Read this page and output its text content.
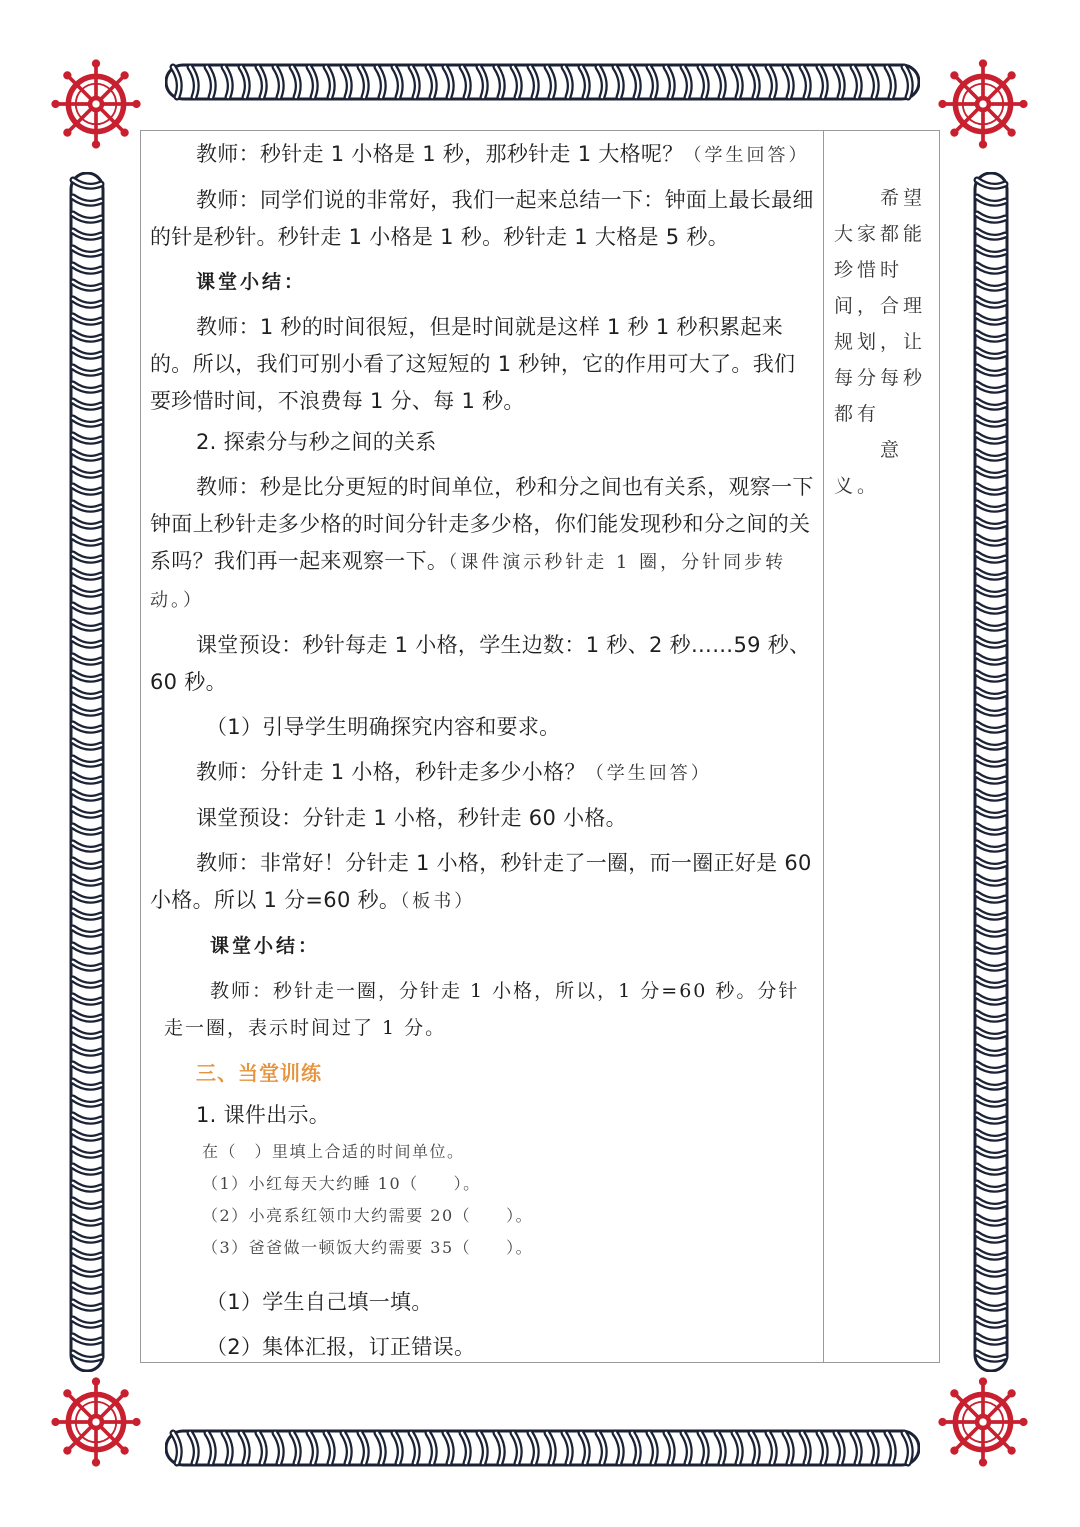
教师：秒针走 1 小格是 1 秒，那秒针走 1 大格呢？（学生回答）

教师：同学们说的非常好，我们一起来总结一下：钟面上最长最细的针是秒针。秒针走 1 小格是 1 秒。秒针走 1 大格是 5 秒。

课堂小结：

教师：1 秒的时间很短，但是时间就是这样 1 秒 1 秒积累起来的。所以，我们可别小看了这短短的 1 秒钟，它的作用可大了。我们要珍惜时间，不浪费每 1 分、每 1 秒。

2. 探索分与秒之间的关系

教师：秒是比分更短的时间单位，秒和分之间也有关系，观察一下钟面上秒针走多少格的时间分针走多少格，你们能发现秒和分之间的关系吗？我们再一起来观察一下。（课件演示秒针走 1 圈，分针同步转动。）

课堂预设：秒针每走 1 小格，学生边数：1 秒、2 秒……59 秒、60 秒。

（1）引导学生明确探究内容和要求。

教师：分针走 1 小格，秒针走多少小格？（学生回答）

课堂预设：分针走 1 小格，秒针走 60 小格。

教师：非常好！分针走 1 小格，秒针走了一圈，而一圈正好是 60 小格。所以 1 分=60 秒。（板书）

课堂小结：

教师：秒针走一圈，分针走 1 小格，所以，1 分=60 秒。分针走一圈，表示时间过了 1 分。

三、当堂训练

1. 课件出示。

在（　）里填上合适的时间单位。
（1）小红每天大约睡 10（　　）。
（2）小亮系红领巾大约需要 20（　　）。
（3）爸爸做一顿饭大约需要 35（　　）。

（1）学生自己填一填。

（2）集体汇报，订正错误。

希望
大家都能
珍惜时
间，合理
规划，让
每分每秒
都有
意
义。
